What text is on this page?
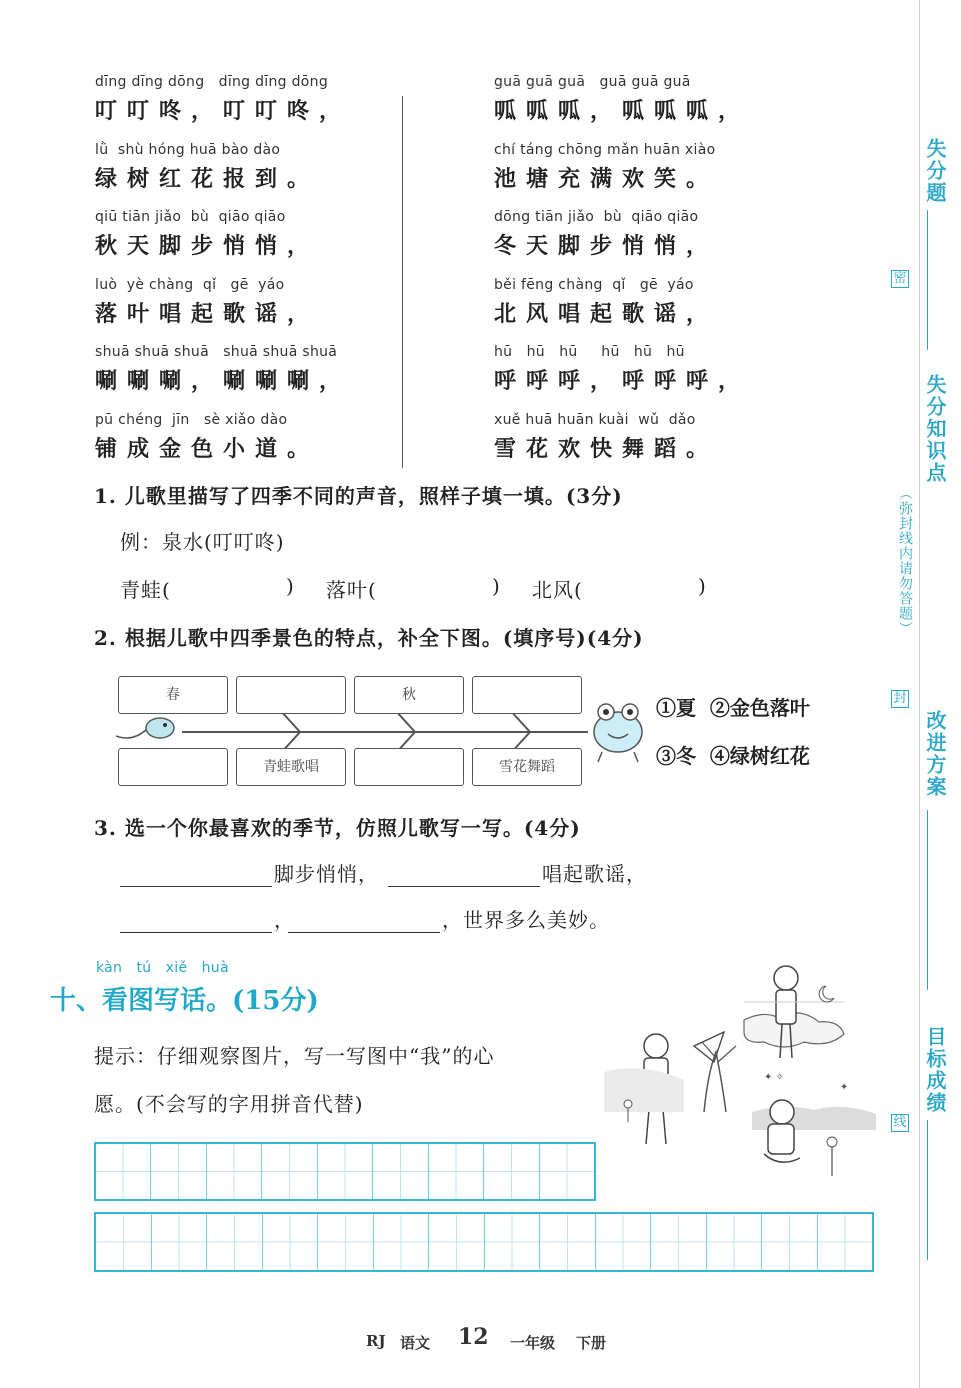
dīng dīng dōng   dīng dīng dōng
叮叮咚，叮叮咚，
lǜ  shù hóng huā bào dào
绿树红花报到。
qiū tiān jiǎo  bù  qiāo qiāo
秋天脚步悄悄，
luò  yè chàng  qǐ   gē  yáo
落叶唱起歌谣，
shuā shuā shuā   shuā shuā shuā
唰唰唰，唰唰唰，
pū chéng  jīn   sè xiǎo dào
铺成金色小道。
guā guā guā   guā guā guā
呱呱呱，呱呱呱，
chí táng chōng mǎn huān xiào
池塘充满欢笑。
dōng tiān jiǎo  bù  qiāo qiāo
冬天脚步悄悄，
běi fēng chàng  qǐ   gē  yáo
北风唱起歌谣，
hū   hū   hū     hū   hū   hū
呼呼呼，呼呼呼，
xuě huā huān kuài  wǔ  dǎo
雪花欢快舞蹈。
1. 儿歌里描写了四季不同的声音，照样子填一填。(3分)
例：泉水(叮叮咚)
青蛙(	) 落叶(	) 北风(	)
2. 根据儿歌中四季景色的特点，补全下图。(填序号)(4分)
春	秋
青蛙歌唱	雪花舞蹈
①夏  ②金色落叶
③冬  ④绿树红花
3. 选一个你最喜欢的季节，仿照儿歌写一写。(4分)
脚步悄悄，	唱起歌谣，
，	，世界多么美妙。
kàn   tú   xiě   huà
十、看图写话。(15分)
提示：仔细观察图片，写一写图中“我”的心
愿。(不会写的字用拼音代替)
✦ ✧
✦
失分题
密
失分知识点
（弥封线内请勿答题）
封
改进方案
目标成绩
线
RJ 语文 12 一年级 下册
